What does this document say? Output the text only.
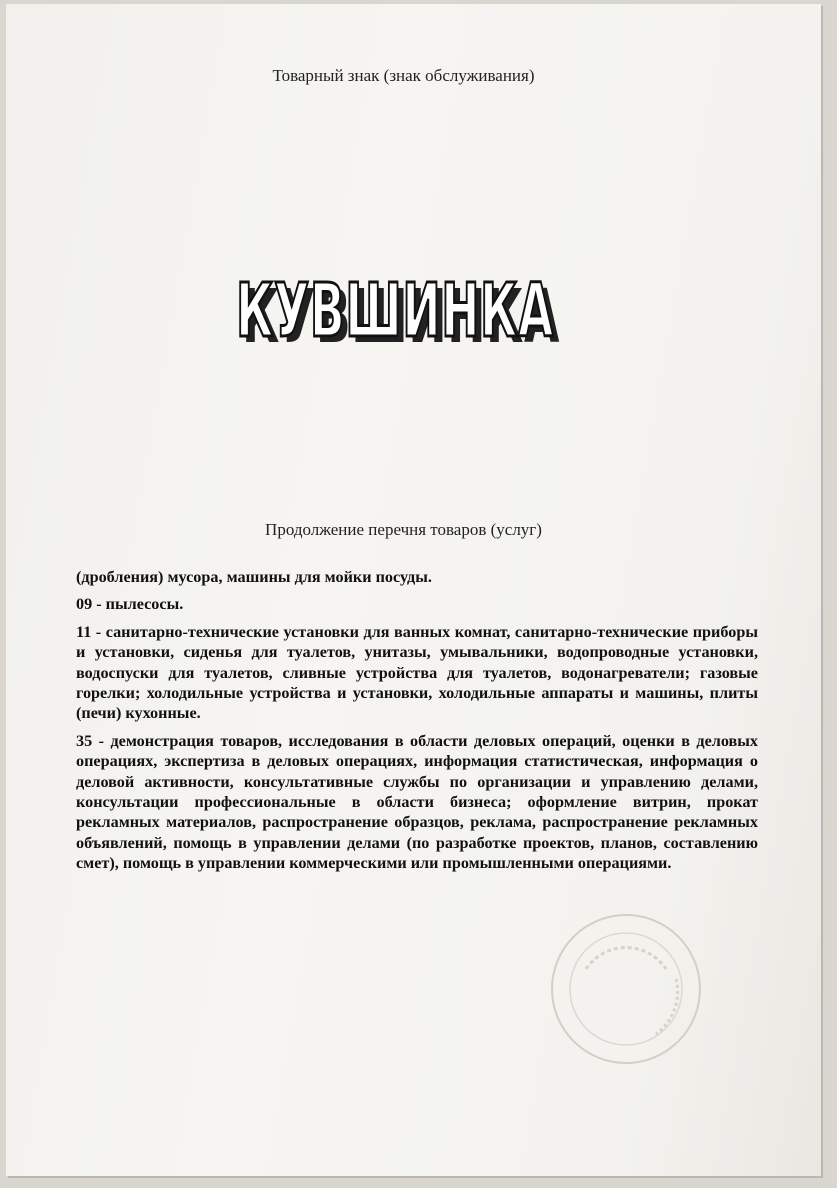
Товарный знак (знак обслуживания)
КУВШИНКА
КУВШИНКА
Продолжение перечня товаров (услуг)

(дробления) мусора, машины для мойки посуды.

09 - пылесосы.

11 - санитарно-технические установки для ванных комнат, санитарно-технические приборы и установки, сиденья для туалетов, унитазы, умывальники, водопроводные установки, водоспуски для туалетов, сливные устройства для туалетов, водонагреватели; газовые горелки; холодильные устройства и установки, холодильные аппараты и машины, плиты (печи) кухонные.

35 - демонстрация товаров, исследования в области деловых операций, оценки в деловых операциях, экспертиза в деловых операциях, информация статистическая, информация о деловой активности, консультативные службы по организации и управлению делами, консультации профессиональные в области бизнеса; оформление витрин, прокат рекламных материалов, распространение образцов, реклама, распространение рекламных объявлений, помощь в управлении делами (по разработке проектов, планов, составлению смет), помощь в управлении коммерческими или промышленными операциями.
